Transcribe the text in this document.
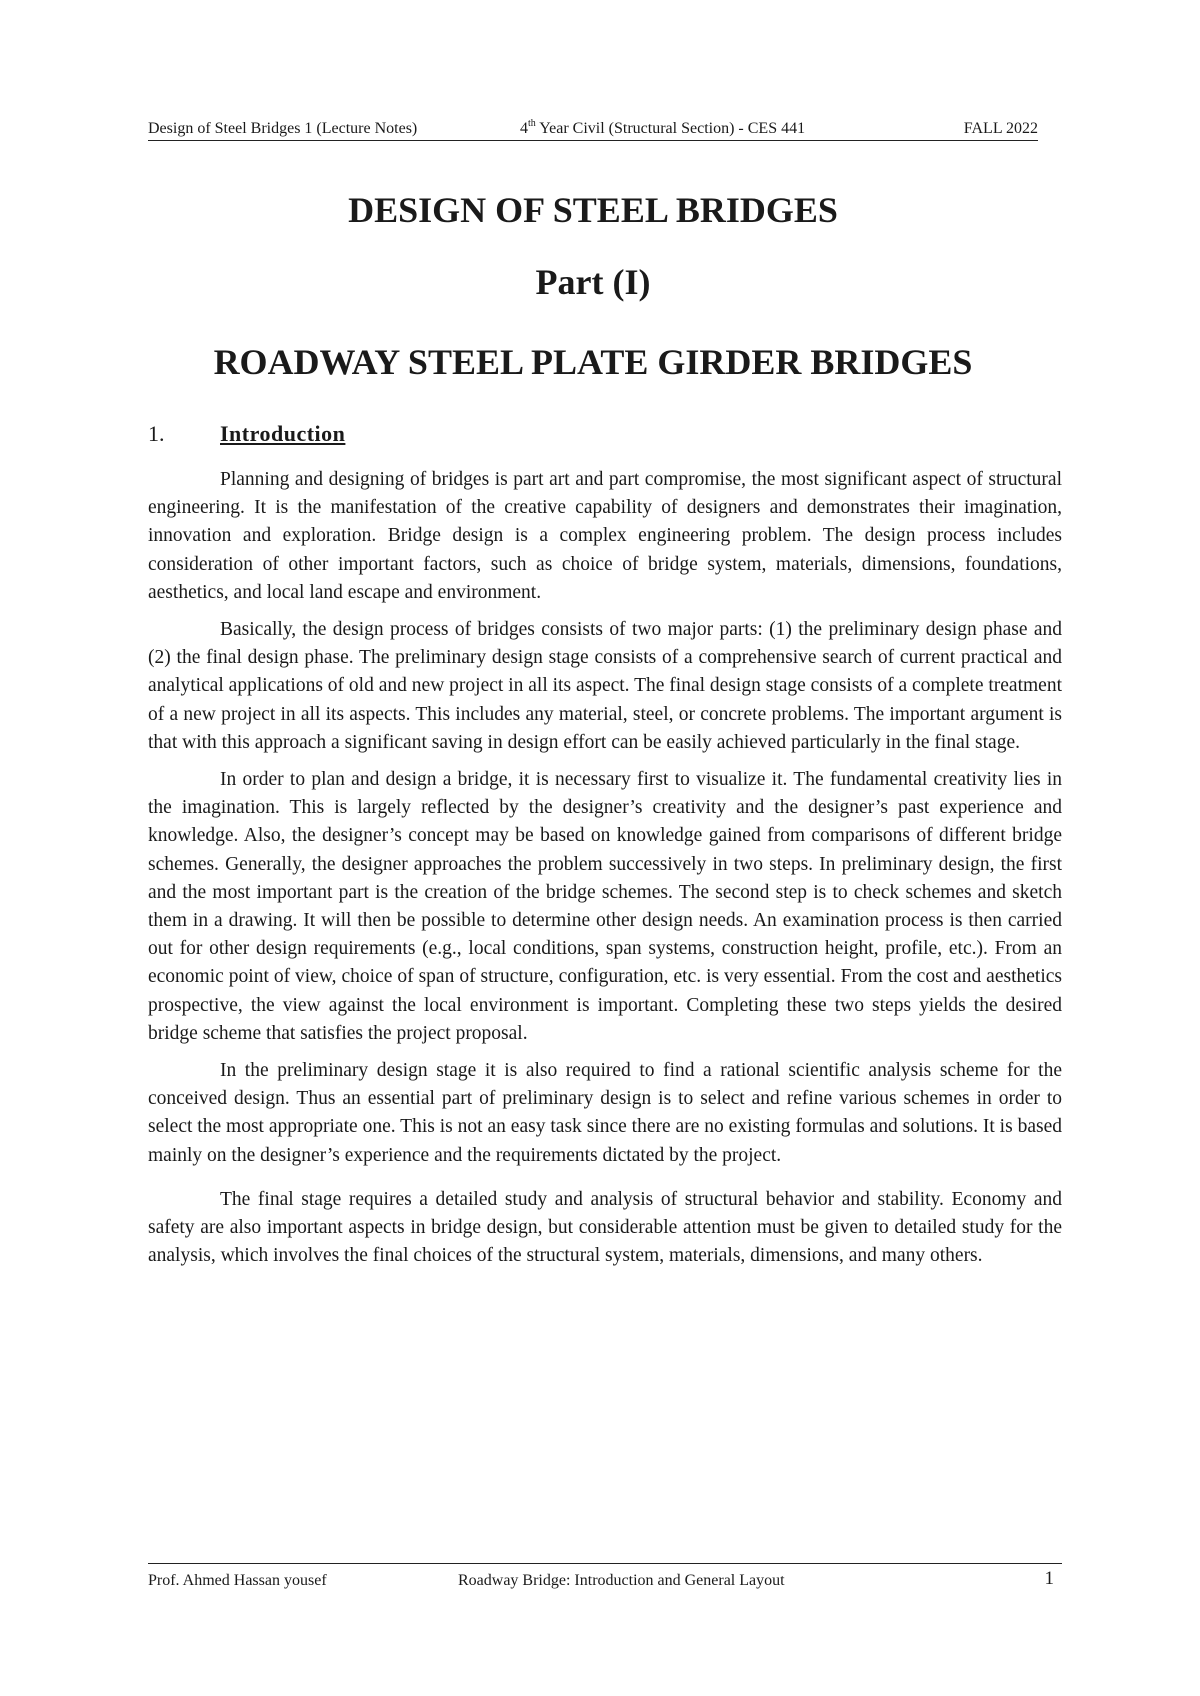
Design of Steel Bridges 1 (Lecture Notes)	4th Year Civil (Structural Section) - CES 441	FALL 2022
DESIGN OF STEEL BRIDGES
Part (I)
ROADWAY STEEL PLATE GIRDER BRIDGES
1.	Introduction

Planning and designing of bridges is part art and part compromise, the most significant aspect of structural engineering. It is the manifestation of the creative capability of designers and demonstrates their imagination, innovation and exploration. Bridge design is a complex engineering problem. The design process includes consideration of other important factors, such as choice of bridge system, materials, dimensions, foundations, aesthetics, and local land escape and environment.

Basically, the design process of bridges consists of two major parts: (1) the preliminary design phase and (2) the final design phase. The preliminary design stage consists of a comprehensive search of current practical and analytical applications of old and new project in all its aspect. The final design stage consists of a complete treatment of a new project in all its aspects. This includes any material, steel, or concrete problems. The important argument is that with this approach a significant saving in design effort can be easily achieved particularly in the final stage.

In order to plan and design a bridge, it is necessary first to visualize it. The fundamental creativity lies in the imagination. This is largely reflected by the designer’s creativity and the designer’s past experience and knowledge. Also, the designer’s concept may be based on knowledge gained from comparisons of different bridge schemes. Generally, the designer approaches the problem successively in two steps. In preliminary design, the first and the most important part is the creation of the bridge schemes. The second step is to check schemes and sketch them in a drawing. It will then be possible to determine other design needs. An examination process is then carried out for other design requirements (e.g., local conditions, span systems, construction height, profile, etc.). From an economic point of view, choice of span of structure, configuration, etc. is very essential. From the cost and aesthetics prospective, the view against the local environment is important. Completing these two steps yields the desired bridge scheme that satisfies the project proposal.

In the preliminary design stage it is also required to find a rational scientific analysis scheme for the conceived design. Thus an essential part of preliminary design is to select and refine various schemes in order to select the most appropriate one. This is not an easy task since there are no existing formulas and solutions. It is based mainly on the designer’s experience and the requirements dictated by the project.

The final stage requires a detailed study and analysis of structural behavior and stability. Economy and safety are also important aspects in bridge design, but considerable attention must be given to detailed study for the analysis, which involves the final choices of the structural system, materials, dimensions, and many others.

Prof. Ahmed Hassan yousef	Roadway Bridge: Introduction and General Layout	1
